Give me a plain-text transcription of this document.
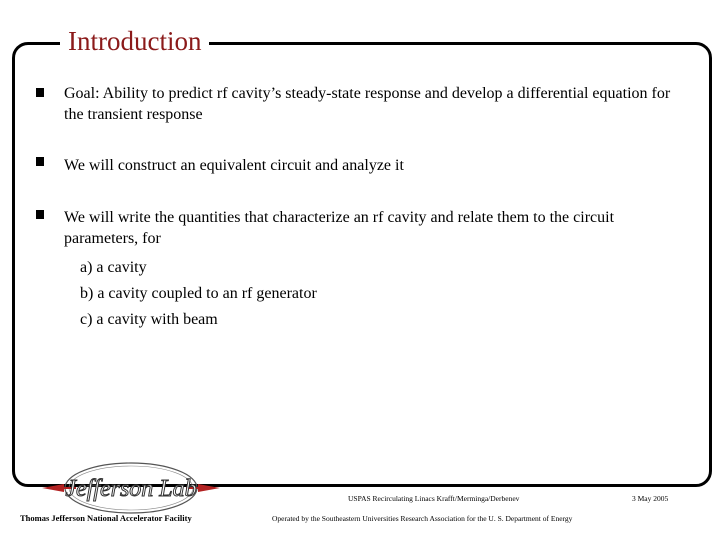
Introduction
Goal: Ability to predict rf cavity’s steady-state response and develop a differential equation for the transient response
We will construct an equivalent circuit and analyze it
We will write the quantities that characterize an rf cavity and relate them to the circuit parameters, for
a) a cavity
b) a cavity coupled to an rf generator
c) a cavity with beam
Jefferson Lab
Thomas Jefferson National Accelerator Facility
USPAS Recirculating Linacs Krafft/Merminga/Derbenev	3 May 2005
Operated by the Southeastern Universities Research Association for the U. S. Department of Energy
